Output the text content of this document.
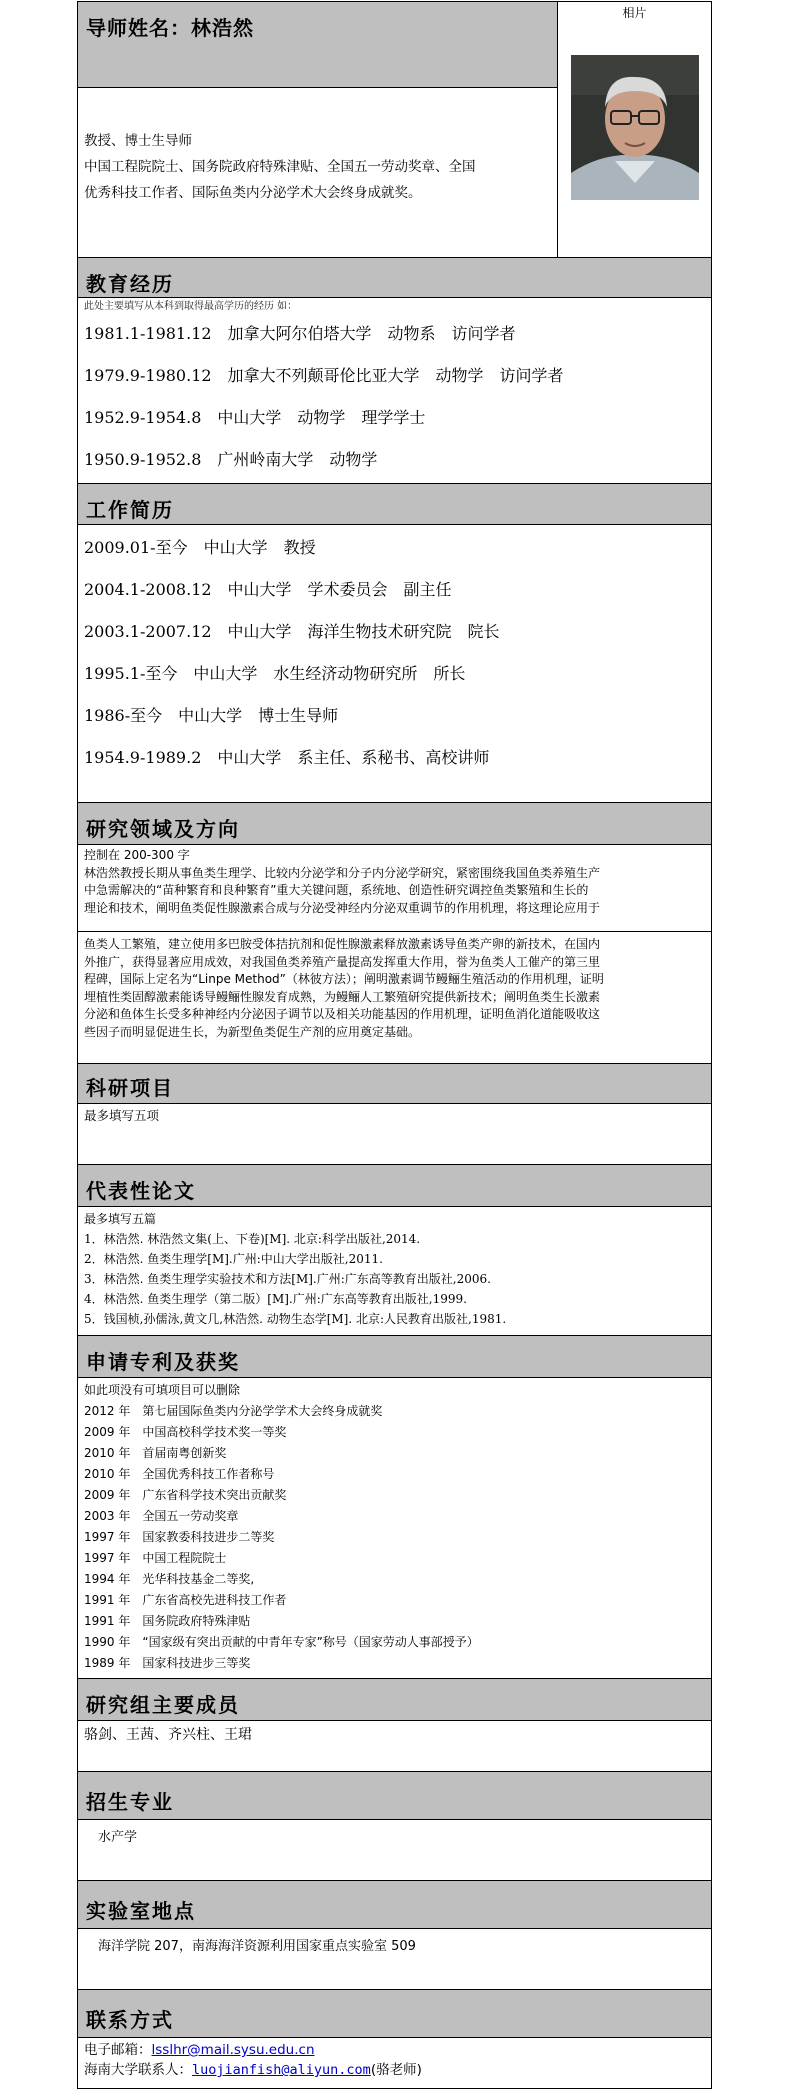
导师姓名：林浩然	
相片

教授、博士生导师
中国工程院院士、国务院政府特殊津贴、全国五一劳动奖章、全国
优秀科技工作者、国际鱼类内分泌学术大会终身成就奖。

教育经历

此处主要填写从本科到取得最高学历的经历 如：
1981.1-1981.12　加拿大阿尔伯塔大学　动物系　访问学者
1979.9-1980.12　加拿大不列颠哥伦比亚大学　动物学　访问学者
1952.9-1954.8　中山大学　动物学　理学学士
1950.9-1952.8　广州岭南大学　动物学

工作简历

2009.01-至今　中山大学　教授
2004.1-2008.12　中山大学　学术委员会　副主任
2003.1-2007.12　中山大学　海洋生物技术研究院　院长
1995.1-至今　中山大学　水生经济动物研究所　所长
1986-至今　中山大学　博士生导师
1954.9-1989.2　中山大学　系主任、系秘书、高校讲师

研究领域及方向

控制在 200-300 字
林浩然教授长期从事鱼类生理学、比较内分泌学和分子内分泌学研究，紧密围绕我国鱼类养殖生产
中急需解决的“苗种繁育和良种繁育”重大关键问题，系统地、创造性研究调控鱼类繁殖和生长的
理论和技术，阐明鱼类促性腺激素合成与分泌受神经内分泌双重调节的作用机理，将这理论应用于

鱼类人工繁殖，建立使用多巴胺受体拮抗剂和促性腺激素释放激素诱导鱼类产卵的新技术，在国内
外推广，获得显著应用成效，对我国鱼类养殖产量提高发挥重大作用，誉为鱼类人工催产的第三里
程碑，国际上定名为“Linpe Method”（林彼方法）；阐明激素调节鳗鲡生殖活动的作用机理，证明
埋植性类固醇激素能诱导鳗鲡性腺发育成熟，为鳗鲡人工繁殖研究提供新技术；阐明鱼类生长激素
分泌和鱼体生长受多种神经内分泌因子调节以及相关功能基因的作用机理，证明鱼消化道能吸收这
些因子而明显促进生长，为新型鱼类促生产剂的应用奠定基础。

科研项目

最多填写五项

代表性论文

最多填写五篇
1．林浩然. 林浩然文集(上、下卷)[M]. 北京:科学出版社,2014.
2．林浩然. 鱼类生理学[M].广州:中山大学出版社,2011.
3．林浩然. 鱼类生理学实验技术和方法[M].广州:广东高等教育出版社,2006.
4．林浩然. 鱼类生理学（第二版）[M].广州:广东高等教育出版社,1999.
5．钱国桢,孙儒泳,黄文几,林浩然. 动物生态学[M]. 北京:人民教育出版社,1981.

申请专利及获奖

如此项没有可填项目可以删除
2012 年　第七届国际鱼类内分泌学学术大会终身成就奖
2009 年　中国高校科学技术奖一等奖
2010 年　首届南粤创新奖
2010 年　全国优秀科技工作者称号
2009 年　广东省科学技术突出贡献奖
2003 年　全国五一劳动奖章
1997 年　国家教委科技进步二等奖
1997 年　中国工程院院士
1994 年　光华科技基金二等奖,
1991 年　广东省高校先进科技工作者
1991 年　国务院政府特殊津贴
1990 年　“国家级有突出贡献的中青年专家”称号（国家劳动人事部授予）
1989 年　国家科技进步三等奖

研究组主要成员

骆剑、王茜、齐兴柱、王珺

招生专业

水产学

实验室地点

海洋学院 207，南海海洋资源利用国家重点实验室 509

联系方式

电子邮箱：lsslhr@mail.sysu.edu.cn
海南大学联系人：luojianfish@aliyun.com(骆老师)
